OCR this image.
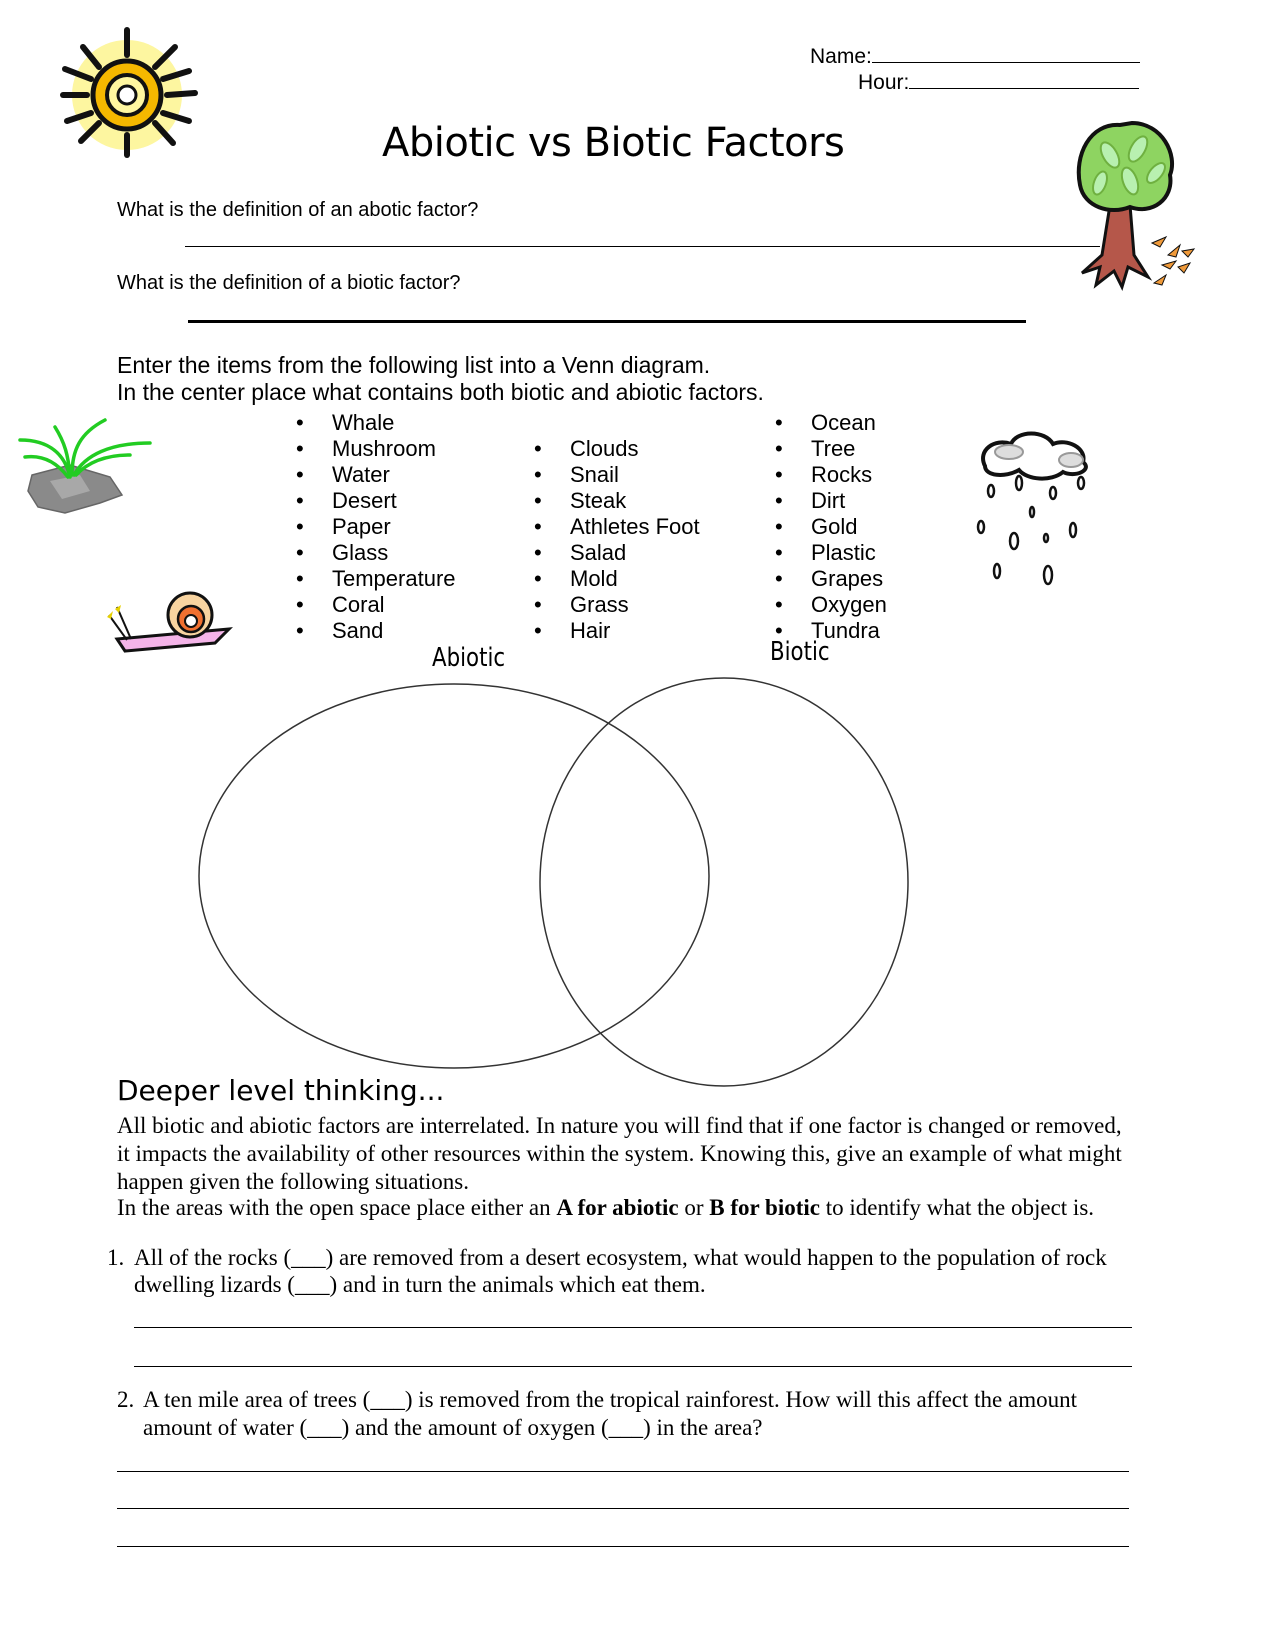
Name:
Hour:
Abiotic vs Biotic Factors
What is the definition of an abotic factor?
What is the definition of a biotic factor?
Enter the items from the following list into a Venn diagram.
In the center place what contains both biotic and abiotic factors.
• Whale
• Mushroom
• Water
• Desert
• Paper
• Glass
• Temperature
• Coral
• Sand
• Clouds
• Snail
• Steak
• Athletes Foot
• Salad
• Mold
• Grass
• Hair
• Ocean
• Tree
• Rocks
• Dirt
• Gold
• Plastic
• Grapes
• Oxygen
• Tundra
Abiotic	Biotic
Deeper level thinking...
All biotic and abiotic factors are interrelated. In nature you will find that if one factor is changed or removed, it impacts the availability of other resources within the system. Knowing this, give an example of what might happen given the following situations.
In the areas with the open space place either an A for abiotic or B for biotic to identify what the object is.
1. All of the rocks (___) are removed from a desert ecosystem, what would happen to the population of rock
dwelling lizards (___) and in turn the animals which eat them.
2. A ten mile area of trees (___) is removed from the tropical rainforest. How will this affect the amount
amount of water (___) and the amount of oxygen (___) in the area?
